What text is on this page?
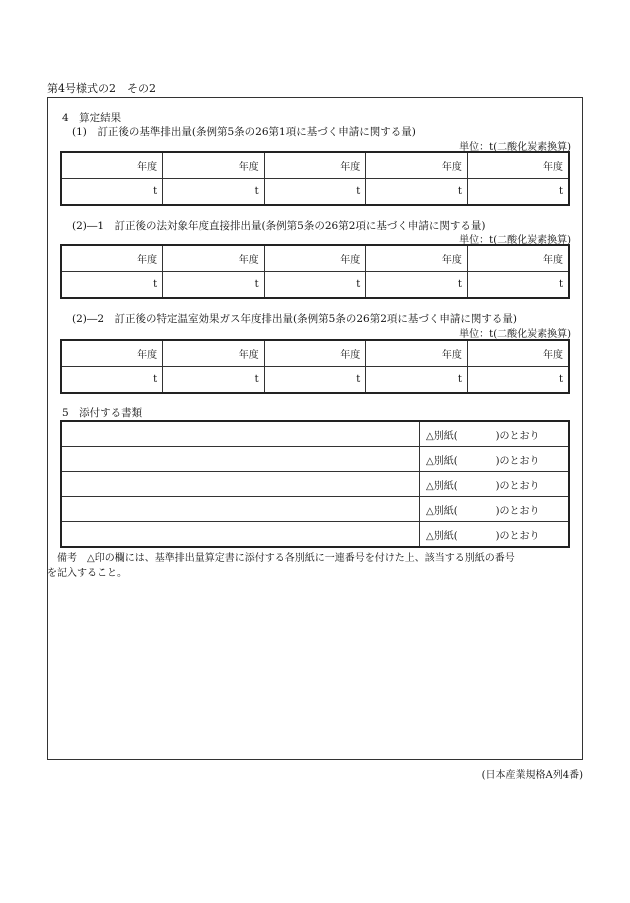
第4号様式の2　その2
4　算定結果
(1)　訂正後の基準排出量(条例第5条の26第1項に基づく申請に関する量)
単位：t(二酸化炭素換算)
年度	年度	年度	年度	年度
t	t	t	t	t
(2)―1　訂正後の法対象年度直接排出量(条例第5条の26第2項に基づく申請に関する量)
単位：t(二酸化炭素換算)
年度	年度	年度	年度	年度
t	t	t	t	t
(2)―2　訂正後の特定温室効果ガス年度排出量(条例第5条の26第2項に基づく申請に関する量)
単位：t(二酸化炭素換算)
年度	年度	年度	年度	年度
t	t	t	t	t
5　添付する書類
	△別紙( )のとおり
	△別紙( )のとおり
	△別紙( )のとおり
	△別紙( )のとおり
	△別紙( )のとおり
備考　 △印の欄には、基準排出量算定書に添付する各別紙に一連番号を付けた上、該当する別紙の番号
を記入すること。
(日本産業規格A列4番)
